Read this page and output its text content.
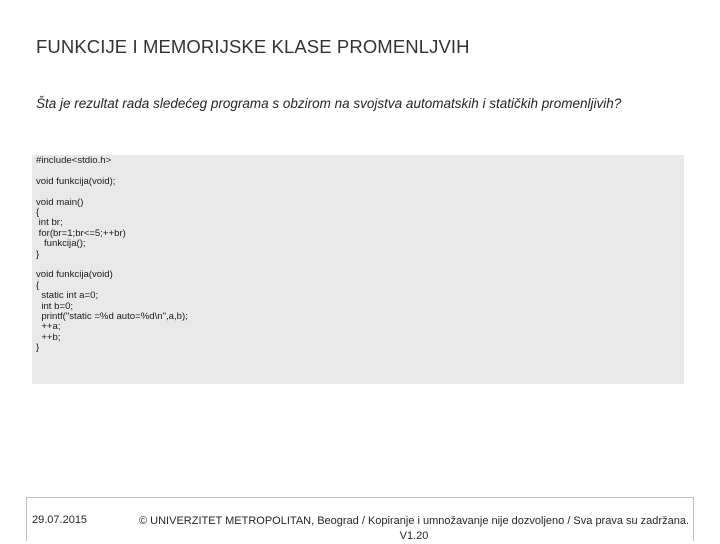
FUNKCIJE I MEMORIJSKE KLASE PROMENLJVIH
Šta je rezultat rada sledećeg programa s obzirom na svojstva automatskih i statičkih promenljivih?
#include<stdio.h>
void funkcija(void);
void main()
{
int br;
for(br=1;br<=5;++br)
funkcija();
}
void funkcija(void)
{
static int a=0;
int b=0;
printf("static =%d auto=%d\n",a,b);
++a;
++b;
}
29.07.2015	© UNIVERZITET METROPOLITAN, Beograd / Kopiranje i umnožavanje nije dozvoljeno / Sva prava su zadržana.
V1.20
